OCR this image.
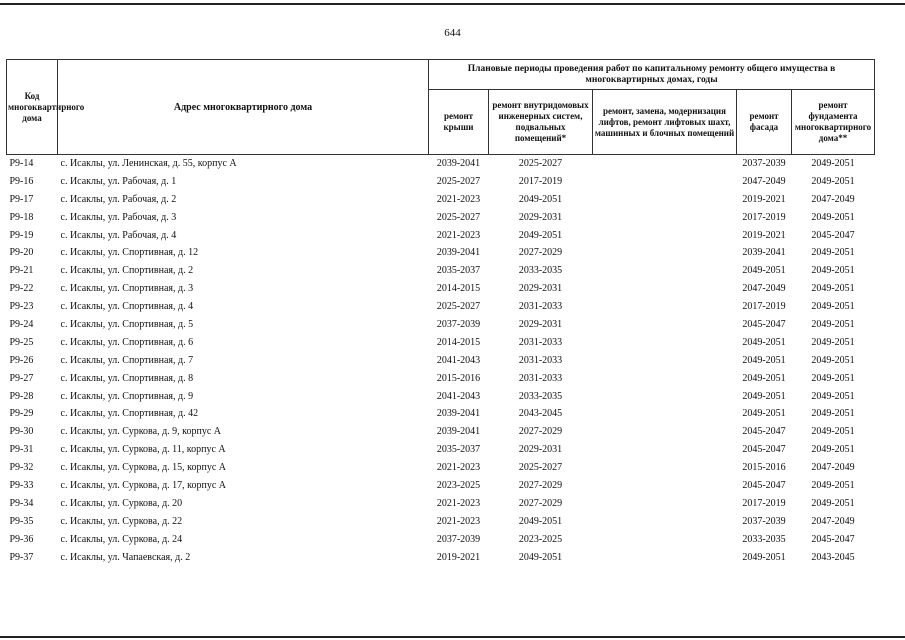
644
Код многоквартирного дома	Адрес многоквартирного дома	Плановые периоды проведения работ по капитальному ремонту общего имущества в многоквартирных домах, годы				
		ремонт крыши	ремонт внутридомовых инженерных систем, подвальных помещений*	ремонт, замена, модернизация лифтов, ремонт лифтовых шахт, машинных и блочных помещений	ремонт фасада	ремонт фундамента многоквартирного дома**
Р9-14	с. Исаклы, ул. Ленинская, д. 55, корпус А	2039-2041	2025-2027		2037-2039	2049-2051
Р9-16	с. Исаклы, ул. Рабочая, д. 1	2025-2027	2017-2019		2047-2049	2049-2051
Р9-17	с. Исаклы, ул. Рабочая, д. 2	2021-2023	2049-2051		2019-2021	2047-2049
Р9-18	с. Исаклы, ул. Рабочая, д. 3	2025-2027	2029-2031		2017-2019	2049-2051
Р9-19	с. Исаклы, ул. Рабочая, д. 4	2021-2023	2049-2051		2019-2021	2045-2047
Р9-20	с. Исаклы, ул. Спортивная, д. 12	2039-2041	2027-2029		2039-2041	2049-2051
Р9-21	с. Исаклы, ул. Спортивная, д. 2	2035-2037	2033-2035		2049-2051	2049-2051
Р9-22	с. Исаклы, ул. Спортивная, д. 3	2014-2015	2029-2031		2047-2049	2049-2051
Р9-23	с. Исаклы, ул. Спортивная, д. 4	2025-2027	2031-2033		2017-2019	2049-2051
Р9-24	с. Исаклы, ул. Спортивная, д. 5	2037-2039	2029-2031		2045-2047	2049-2051
Р9-25	с. Исаклы, ул. Спортивная, д. 6	2014-2015	2031-2033		2049-2051	2049-2051
Р9-26	с. Исаклы, ул. Спортивная, д. 7	2041-2043	2031-2033		2049-2051	2049-2051
Р9-27	с. Исаклы, ул. Спортивная, д. 8	2015-2016	2031-2033		2049-2051	2049-2051
Р9-28	с. Исаклы, ул. Спортивная, д. 9	2041-2043	2033-2035		2049-2051	2049-2051
Р9-29	с. Исаклы, ул. Спортивная, д. 42	2039-2041	2043-2045		2049-2051	2049-2051
Р9-30	с. Исаклы, ул. Суркова, д. 9, корпус А	2039-2041	2027-2029		2045-2047	2049-2051
Р9-31	с. Исаклы, ул. Суркова, д. 11, корпус А	2035-2037	2029-2031		2045-2047	2049-2051
Р9-32	с. Исаклы, ул. Суркова, д. 15, корпус А	2021-2023	2025-2027		2015-2016	2047-2049
Р9-33	с. Исаклы, ул. Суркова, д. 17, корпус А	2023-2025	2027-2029		2045-2047	2049-2051
Р9-34	с. Исаклы, ул. Суркова, д. 20	2021-2023	2027-2029		2017-2019	2049-2051
Р9-35	с. Исаклы, ул. Суркова, д. 22	2021-2023	2049-2051		2037-2039	2047-2049
Р9-36	с. Исаклы, ул. Суркова, д. 24	2037-2039	2023-2025		2033-2035	2045-2047
Р9-37	с. Исаклы, ул. Чапаевская, д. 2	2019-2021	2049-2051		2049-2051	2043-2045
